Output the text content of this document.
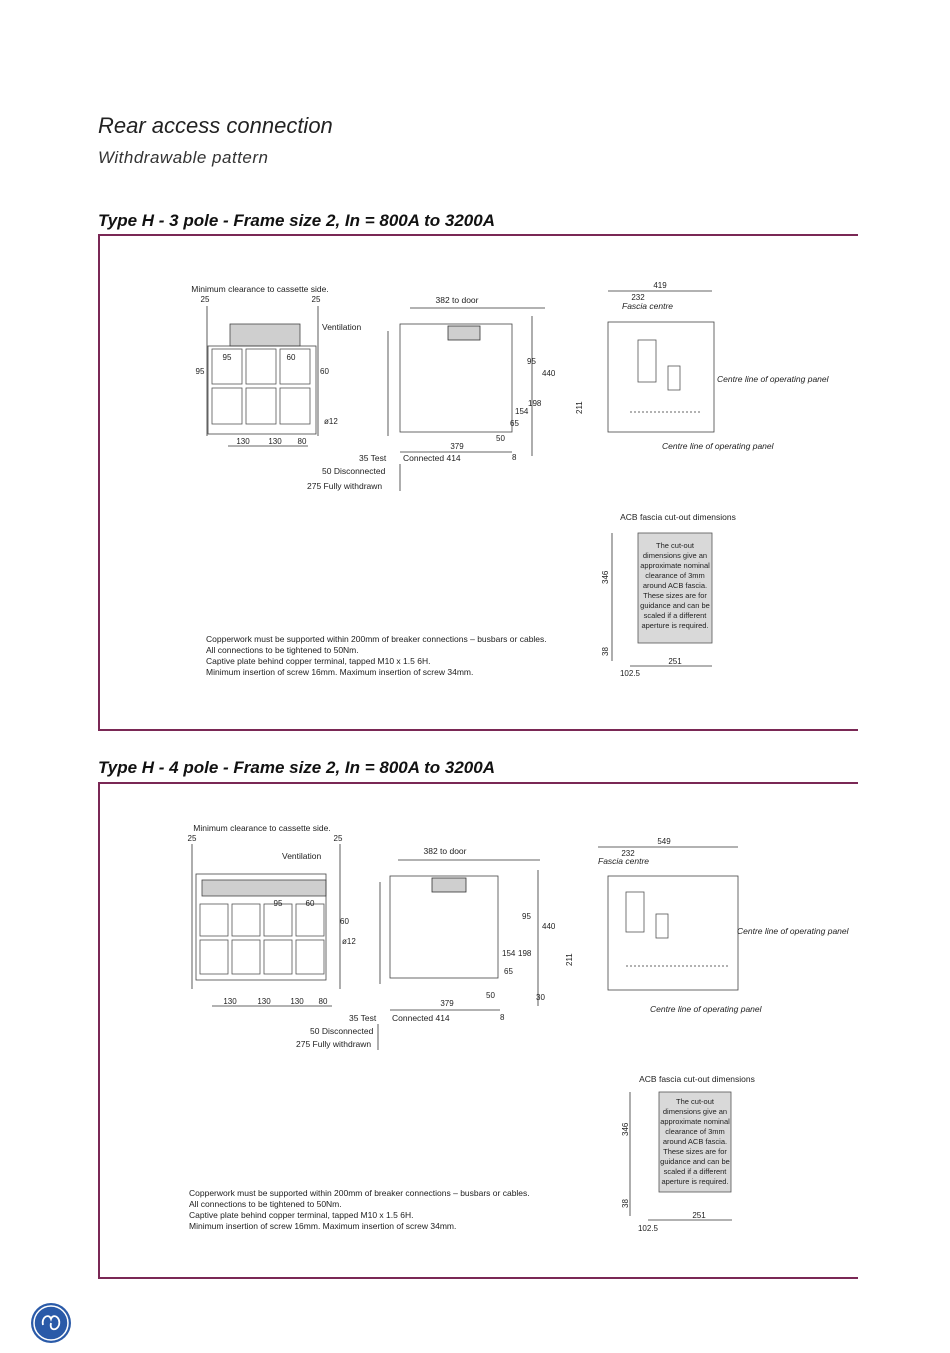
Rear access connection
Withdrawable pattern
Type H - 3 pole - Frame size 2, In = 800A to 3200A
Minimum clearance to cassette side.
25	25
Ventilation
95	60
95	60
ø12
130 130 80
382 to door
440
95
154
198
65
50
379
8
35 Test Connected 414
50 Disconnected
275 Fully withdrawn
419
232
Fascia centre
211
Centre line of operating panel
Centre line of operating panel
ACB fascia cut-out dimensions
The cut-out
dimensions give an
approximate nominal
clearance of 3mm
around ACB fascia.
These sizes are for
guidance and can be
scaled if a different
aperture is required.
346
38
251
102.5
Copperwork must be supported within 200mm of breaker connections – busbars or cables.
All connections to be tightened to 50Nm.
Captive plate behind copper terminal, tapped M10 x 1.5 6H.
Minimum insertion of screw 16mm. Maximum insertion of screw 34mm.
Type H - 4 pole - Frame size 2, In = 800A to 3200A
Minimum clearance to cassette side.
25	25
Ventilation
95	60
60
ø12
130	130 130 80
382 to door
440
95
154 198
65
50
379
8
30
35 Test Connected 414
50 Disconnected
275 Fully withdrawn
549
232
Fascia centre
211
Centre line of operating panel
Centre line of operating panel
ACB fascia cut-out dimensions
The cut-out
dimensions give an
approximate nominal
clearance of 3mm
around ACB fascia.
These sizes are for
guidance and can be
scaled if a different
aperture is required.
346
38
251
102.5
Copperwork must be supported within 200mm of breaker connections – busbars or cables.
All connections to be tightened to 50Nm.
Captive plate behind copper terminal, tapped M10 x 1.5 6H.
Minimum insertion of screw 16mm. Maximum insertion of screw 34mm.
